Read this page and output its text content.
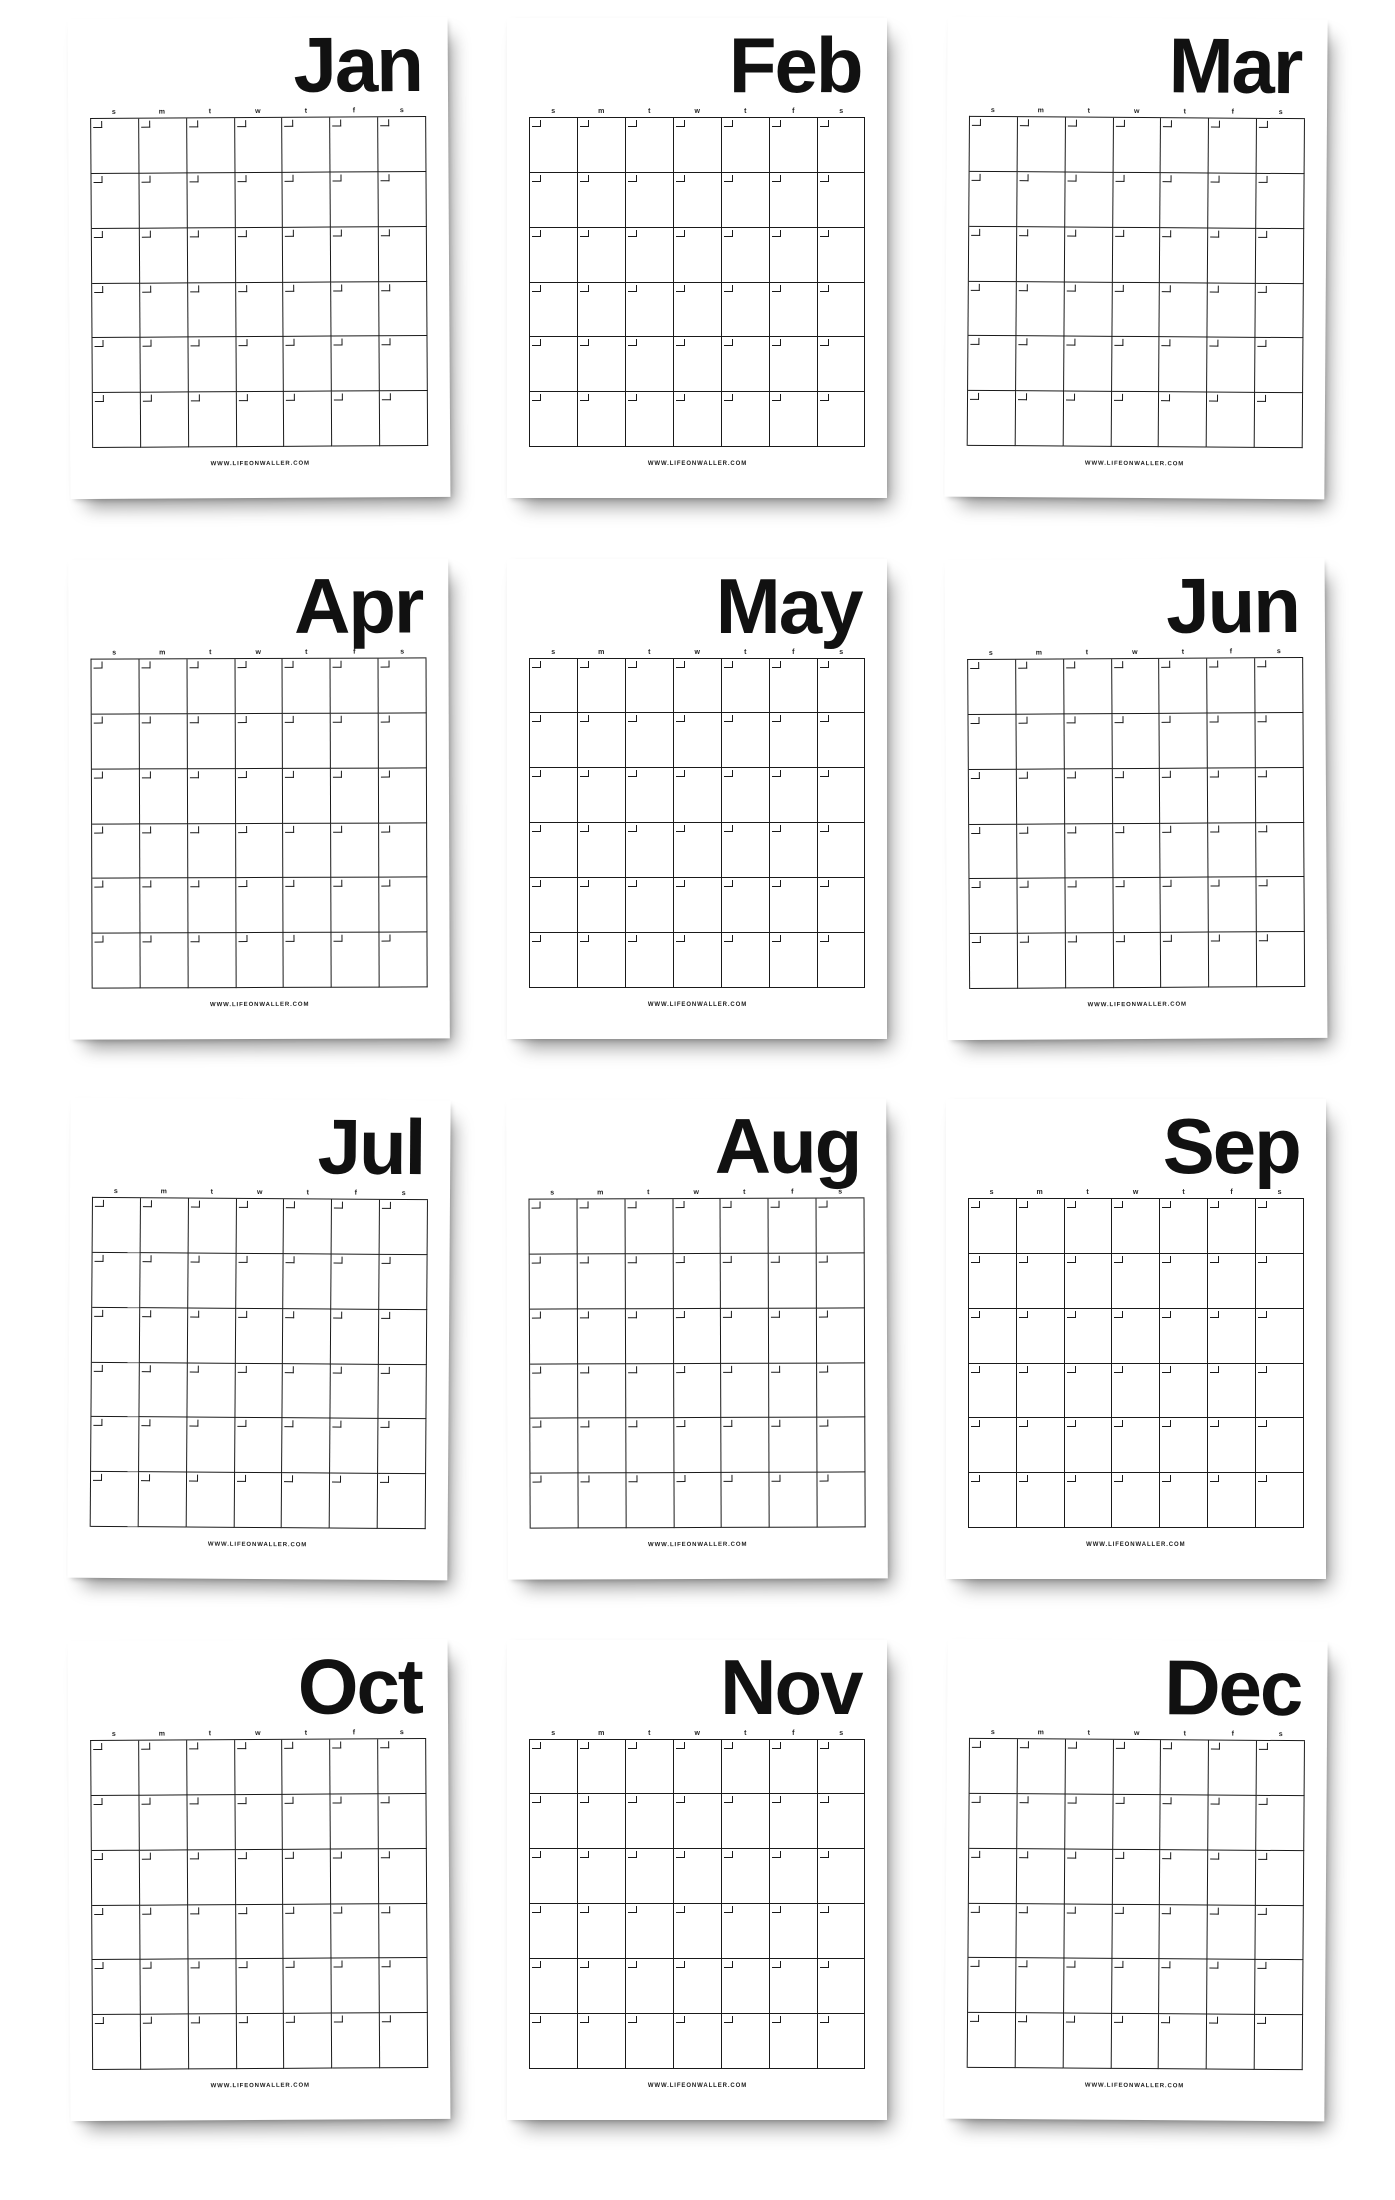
Jan
s	m	t	w	t	f	s
WWW.LIFEONWALLER.COM
Feb
s	m	t	w	t	f	s
WWW.LIFEONWALLER.COM
Mar
s	m	t	w	t	f	s
WWW.LIFEONWALLER.COM
Apr
s	m	t	w	t	f	s
WWW.LIFEONWALLER.COM
May
s	m	t	w	t	f	s
WWW.LIFEONWALLER.COM
Jun
s	m	t	w	t	f	s
WWW.LIFEONWALLER.COM
Jul
s	m	t	w	t	f	s
WWW.LIFEONWALLER.COM
Aug
s	m	t	w	t	f	s
WWW.LIFEONWALLER.COM
Sep
s	m	t	w	t	f	s
WWW.LIFEONWALLER.COM
Oct
s	m	t	w	t	f	s
WWW.LIFEONWALLER.COM
Nov
s	m	t	w	t	f	s
WWW.LIFEONWALLER.COM
Dec
s	m	t	w	t	f	s
WWW.LIFEONWALLER.COM
